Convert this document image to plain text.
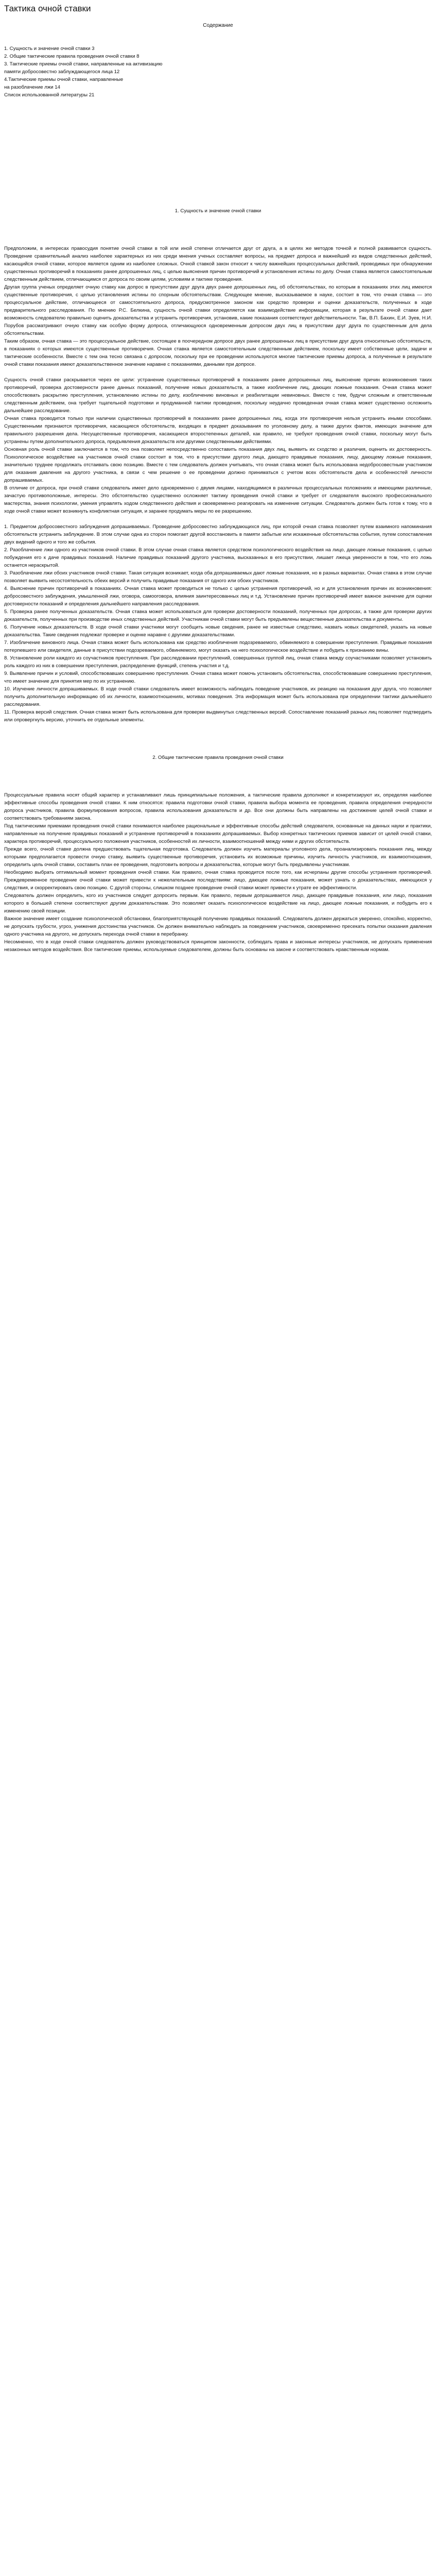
Тактика очной ставки
Содержание
1. Сущность и значение очной ставки 3
2. Общие тактические правила проведения очной ставки 8
3. Тактические приемы очной ставки, направленные на активизацию
памяти добросовестно заблуждающегося лица 12
4.Тактические приемы очной ставки, направленные
на разоблачение лжи 14
Список использованной литературы 21
1. Сущность и значение очной ставки

Предположим, в интересах правосудия понятие очной ставки в той или иной степени отличается друг от друга, а в целях же методов точной и полной развивается сущность. Проведение сравнительный анализ наиболее характерных из них среди мнения ученых составляет вопросы, на предмет допроса и важнейший из видов следственных действий, касающийся очной ставки, которое является одним из наиболее сложных. Очной ставкой закон относит к числу важнейших процессуальных действий, проводимых при обнаружении существенных противоречий в показаниях ранее допрошенных лиц, с целью выяснения причин противоречий и установления истины по делу. Очная ставка является самостоятельным следственным действием, отличающимся от допроса по своим целям, условиям и тактике проведения.

Другая группа ученых определяет очную ставку как допрос в присутствии друг друга двух ранее допрошенных лиц, об обстоятельствах, по которым в показаниях этих лиц имеются существенные противоречия, с целью установления истины по спорным обстоятельствам. Следующее мнение, высказываемое в науке, состоит в том, что очная ставка — это процессуальное действие, отличающееся от самостоятельного допроса, предусмотренное законом как средство проверки и оценки доказательств, полученных в ходе предварительного расследования. По мнению Р.С. Белкина, сущность очной ставки определяется как взаимодействие информации, которая в результате очной ставки дает возможность следователю правильно оценить доказательства и устранить противоречия, установив, какие показания соответствуют действительности. Так, В.П. Бахин, Е.И. Зуев, Н.И. Порубов рассматривают очную ставку как особую форму допроса, отличающуюся одновременным допросом двух лиц в присутствии друг друга по существенным для дела обстоятельствам.

Таким образом, очная ставка — это процессуальное действие, состоящее в поочередном допросе двух ранее допрошенных лиц в присутствии друг друга относительно обстоятельств, в показаниях о которых имеются существенные противоречия. Очная ставка является самостоятельным следственным действием, поскольку имеет собственные цели, задачи и тактические особенности. Вместе с тем она тесно связана с допросом, поскольку при ее проведении используются многие тактические приемы допроса, а полученные в результате очной ставки показания имеют доказательственное значение наравне с показаниями, данными при допросе.

Сущность очной ставки раскрывается через ее цели: устранение существенных противоречий в показаниях ранее допрошенных лиц, выяснение причин возникновения таких противоречий, проверка достоверности ранее данных показаний, получение новых доказательств, а также изобличение лиц, дающих ложные показания. Очная ставка может способствовать раскрытию преступления, установлению истины по делу, изобличению виновных и реабилитации невиновных. Вместе с тем, будучи сложным и ответственным следственным действием, она требует тщательной подготовки и продуманной тактики проведения, поскольку неудачно проведенная очная ставка может существенно осложнить дальнейшее расследование.

Очная ставка проводится только при наличии существенных противоречий в показаниях ранее допрошенных лиц, когда эти противоречия нельзя устранить иными способами. Существенными признаются противоречия, касающиеся обстоятельств, входящих в предмет доказывания по уголовному делу, а также других фактов, имеющих значение для правильного разрешения дела. Несущественные противоречия, касающиеся второстепенных деталей, как правило, не требуют проведения очной ставки, поскольку могут быть устранены путем дополнительного допроса, предъявления доказательств или другими следственными действиями.

Основная роль очной ставки заключается в том, что она позволяет непосредственно сопоставить показания двух лиц, выявить их сходство и различия, оценить их достоверность. Психологическое воздействие на участников очной ставки состоит в том, что в присутствии другого лица, дающего правдивые показания, лицу, дающему ложные показания, значительно труднее продолжать отстаивать свою позицию. Вместе с тем следователь должен учитывать, что очная ставка может быть использована недобросовестным участником для оказания давления на другого участника, в связи с чем решение о ее проведении должно приниматься с учетом всех обстоятельств дела и особенностей личности допрашиваемых.

В отличие от допроса, при очной ставке следователь имеет дело одновременно с двумя лицами, находящимися в различных процессуальных положениях и имеющими различные, зачастую противоположные, интересы. Это обстоятельство существенно осложняет тактику проведения очной ставки и требует от следователя высокого профессионального мастерства, знания психологии, умения управлять ходом следственного действия и своевременно реагировать на изменение ситуации. Следователь должен быть готов к тому, что в ходе очной ставки может возникнуть конфликтная ситуация, и заранее продумать меры по ее разрешению.

1. Предметом добросовестного заблуждения допрашиваемых. Проведение добросовестно заблуждающихся лиц, при которой очная ставка позволяет путем взаимного напоминания обстоятельств устранить заблуждение. В этом случае одна из сторон помогает другой восстановить в памяти забытые или искаженные обстоятельства события, путем сопоставления двух видений одного и того же события.

2. Разоблачение лжи одного из участников очной ставки. В этом случае очная ставка является средством психологического воздействия на лицо, дающее ложные показания, с целью побуждения его к даче правдивых показаний. Наличие правдивых показаний другого участника, высказанных в его присутствии, лишает лжеца уверенности в том, что его ложь останется нераскрытой.

3. Разоблачение лжи обоих участников очной ставки. Такая ситуация возникает, когда оба допрашиваемых дают ложные показания, но в разных вариантах. Очная ставка в этом случае позволяет выявить несостоятельность обеих версий и получить правдивые показания от одного или обоих участников.

4. Выяснение причин противоречий в показаниях. Очная ставка может проводиться не только с целью устранения противоречий, но и для установления причин их возникновения: добросовестного заблуждения, умышленной лжи, оговора, самооговора, влияния заинтересованных лиц и т.д. Установление причин противоречий имеет важное значение для оценки достоверности показаний и определения дальнейшего направления расследования.

5. Проверка ранее полученных доказательств. Очная ставка может использоваться для проверки достоверности показаний, полученных при допросах, а также для проверки других доказательств, полученных при производстве иных следственных действий. Участникам очной ставки могут быть предъявлены вещественные доказательства и документы.

6. Получение новых доказательств. В ходе очной ставки участники могут сообщить новые сведения, ранее не известные следствию, назвать новых свидетелей, указать на новые доказательства. Такие сведения подлежат проверке и оценке наравне с другими доказательствами.

7. Изобличение виновного лица. Очная ставка может быть использована как средство изобличения подозреваемого, обвиняемого в совершении преступления. Правдивые показания потерпевшего или свидетеля, данные в присутствии подозреваемого, обвиняемого, могут оказать на него психологическое воздействие и побудить к признанию вины.

8. Установление роли каждого из соучастников преступления. При расследовании преступлений, совершенных группой лиц, очная ставка между соучастниками позволяет установить роль каждого из них в совершении преступления, распределение функций, степень участия и т.д.

9. Выявление причин и условий, способствовавших совершению преступления. Очная ставка может помочь установить обстоятельства, способствовавшие совершению преступления, что имеет значение для принятия мер по их устранению.

10. Изучение личности допрашиваемых. В ходе очной ставки следователь имеет возможность наблюдать поведение участников, их реакцию на показания друг друга, что позволяет получить дополнительную информацию об их личности, взаимоотношениях, мотивах поведения. Эта информация может быть использована при определении тактики дальнейшего расследования.

11. Проверка версий следствия. Очная ставка может быть использована для проверки выдвинутых следственных версий. Сопоставление показаний разных лиц позволяет подтвердить или опровергнуть версию, уточнить ее отдельные элементы.

2. Общие тактические правила проведения очной ставки

Процессуальные правила носят общий характер и устанавливают лишь принципиальные положения, а тактические правила дополняют и конкретизируют их, определяя наиболее эффективные способы проведения очной ставки. К ним относятся: правила подготовки очной ставки, правила выбора момента ее проведения, правила определения очередности допроса участников, правила формулирования вопросов, правила использования доказательств и др. Все они должны быть направлены на достижение целей очной ставки и соответствовать требованиям закона.

Под тактическими приемами проведения очной ставки понимаются наиболее рациональные и эффективные способы действий следователя, основанные на данных науки и практики, направленные на получение правдивых показаний и устранение противоречий в показаниях допрашиваемых. Выбор конкретных тактических приемов зависит от целей очной ставки, характера противоречий, процессуального положения участников, особенностей их личности, взаимоотношений между ними и других обстоятельств.

Прежде всего, очной ставке должна предшествовать тщательная подготовка. Следователь должен изучить материалы уголовного дела, проанализировать показания лиц, между которыми предполагается провести очную ставку, выявить существенные противоречия, установить их возможные причины, изучить личность участников, их взаимоотношения, определить цель очной ставки, составить план ее проведения, подготовить вопросы и доказательства, которые могут быть предъявлены участникам.

Необходимо выбрать оптимальный момент проведения очной ставки. Как правило, очная ставка проводится после того, как исчерпаны другие способы устранения противоречий. Преждевременное проведение очной ставки может привести к нежелательным последствиям: лицо, дающее ложные показания, может узнать о доказательствах, имеющихся у следствия, и скорректировать свою позицию. С другой стороны, слишком позднее проведение очной ставки может привести к утрате ее эффективности.

Следователь должен определить, кого из участников следует допросить первым. Как правило, первым допрашивается лицо, дающее правдивые показания, или лицо, показания которого в большей степени соответствуют другим доказательствам. Это позволяет оказать психологическое воздействие на лицо, дающее ложные показания, и побудить его к изменению своей позиции.

Важное значение имеет создание психологической обстановки, благоприятствующей получению правдивых показаний. Следователь должен держаться уверенно, спокойно, корректно, не допускать грубости, угроз, унижения достоинства участников. Он должен внимательно наблюдать за поведением участников, своевременно пресекать попытки оказания давления одного участника на другого, не допускать перехода очной ставки в перебранку.

Несомненно, что в ходе очной ставки следователь должен руководствоваться принципом законности, соблюдать права и законные интересы участников, не допускать применения незаконных методов воздействия. Все тактические приемы, используемые следователем, должны быть основаны на законе и соответствовать нравственным нормам.
